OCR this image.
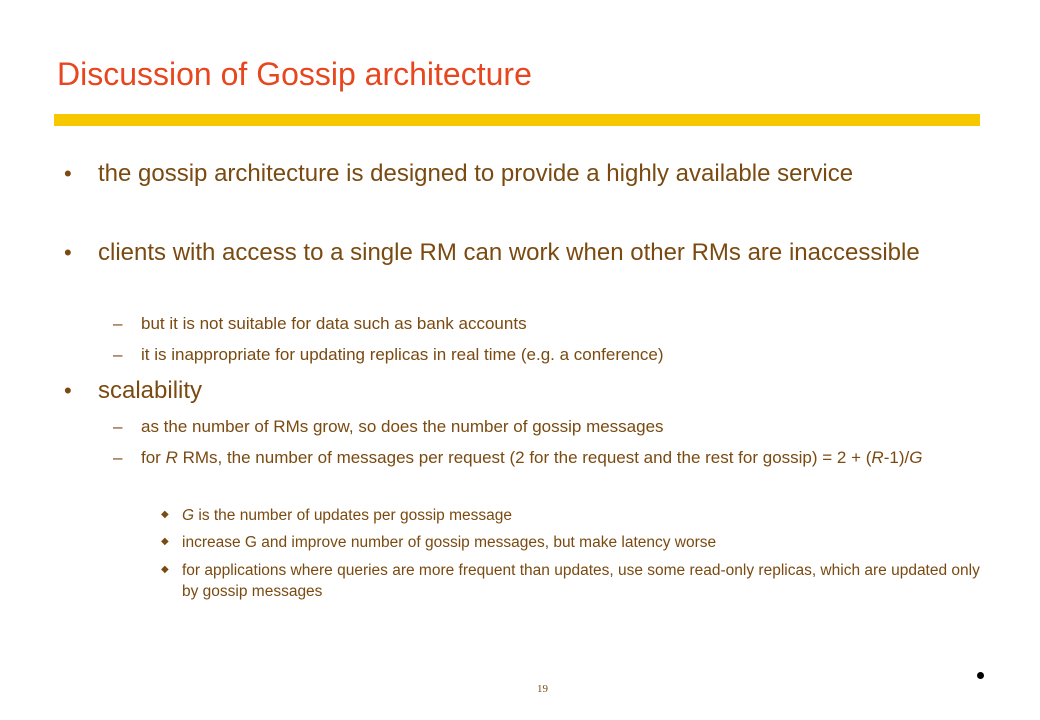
Discussion of Gossip architecture
• the gossip architecture is designed to provide a highly available service
• clients with access to a single RM can work when other RMs are inaccessible
– but it is not suitable for data such as bank accounts
– it is inappropriate for updating replicas in real time (e.g. a conference)
• scalability
– as the number of RMs grow, so does the number of gossip messages
– for R RMs, the number of messages per request (2 for the request and the rest for gossip) = 2 + (R-1)/G
◆ G is the number of updates per gossip message
◆ increase G and improve number of gossip messages, but make latency worse
◆ for applications where queries are more frequent than updates, use some read-only replicas, which are updated only by gossip messages
19
